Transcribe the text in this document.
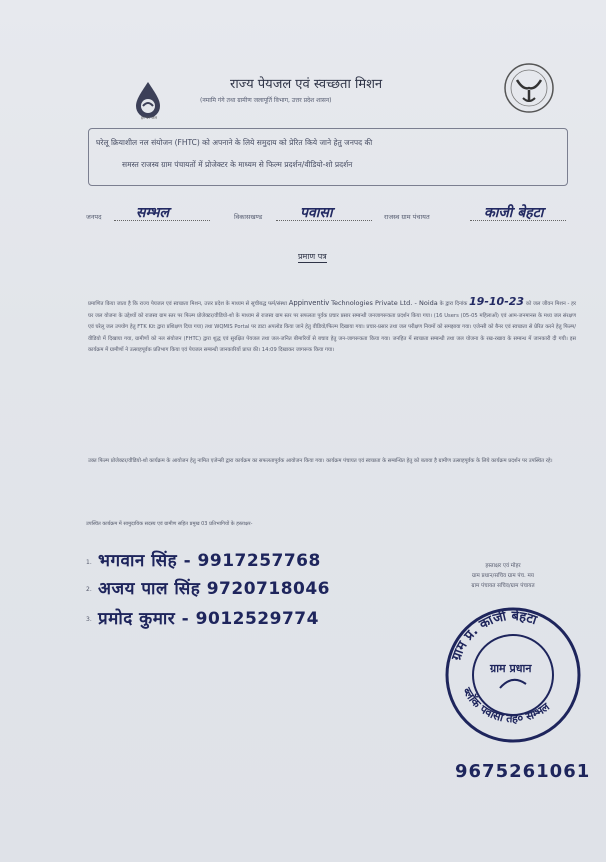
हर घर जल
राज्य पेयजल एवं स्वच्छता मिशन
(नमामि गंगे तथा ग्रामीण जलापूर्ति विभाग, उत्तर प्रदेश शासन)
घरेलू क्रियाशील नल संयोजन (FHTC) को अपनाने के लिये समुदाय को प्रेरित किये जाने हेतु जनपद की
समस्त राजस्व ग्राम पंचायतों में प्रोजेक्टर के माध्यम से फिल्म प्रदर्शन/वीडियो-शो प्रदर्शन
जनपद सम्भल	विकासखण्ड	पवासा	राजस्व ग्राम पंचायत	काजी बेहटा
प्रमाण पत्र
प्रमाणित किया जाता है कि राज्य पेयजल एवं स्वच्छता मिशन, उत्तर प्रदेश के माध्यम से सूचीबद्ध फर्म/संस्था Appinventiv Technologies Private Ltd. - Noida के द्वारा दिनांक 19-10-23 को जल जीवन मिशन - हर घर जल योजना के उद्देश्यों को राजस्व ग्राम स्तर पर फिल्म प्रोजेक्टर/वीडियो-शो के माध्यम से राजस्व ग्राम स्तर पर सफलता पूर्वक प्रचार प्रसार सम्बन्धी जनजागरूकता प्रदर्शन किया गया। (16 Users (05-05 महिलाओं) एवं आम-जनमानस के मध्य जल संरक्षण एवं घरेलू जल उपयोग हेतु FTK Kit द्वारा प्रशिक्षण दिया गया) तथा WQMIS Portal पर डाटा अपलोड किया जाने हेतु वीडियो/फिल्म दिखाया गया। प्रचार-प्रसार तथा जल परीक्षण नियमों को समझाया गया। एजेन्सी को बैनर एवं स्वच्छता से प्रेरित करने हेतु फिल्म/वीडियो में दिखाया गया, ग्रामीणों को नल संयोजन (FHTC) द्वारा शुद्ध एवं सुरक्षित पेयजल तथा जल-जनित बीमारियों से बचाव हेतु जन-जागरूकता किया गया। जनहित में स्वच्छता सम्बन्धी तथा जल योजना के रख-रखाव के सम्बन्ध में जानकारी दी गयी। इस कार्यक्रम में ग्रामीणों ने उत्साहपूर्वक प्रतिभाग किया एवं पेयजल सम्बन्धी जानकारियों प्राप्त की। 14:09 दिखाकर जागरूक किया गया।
उक्त फिल्म प्रोजेक्टर/वीडियो-शो कार्यक्रम के आयोजन हेतु नामित एजेन्सी द्वारा कार्यक्रम का सफलतापूर्वक आयोजन किया गया। कार्यक्रम पंचायत एवं स्वच्छता के सम्बन्धित हेतु को बताया है ग्रामीण उत्साहपूर्वक के लिये कार्यक्रम प्रदर्शन पर उपस्थित रहे।
उपस्थित कार्यक्रम में सामुदायिक सदस्य एवं ग्रामीण सहित प्रमुख 03 प्रतिभागियों के हस्ताक्षर-
1. भगवान सिंह - 9917257768
2. अजय पाल सिंह 9720718046
3. प्रमोद कुमार - 9012529774
हस्ताक्षर एवं मोहर
ग्राम प्रधान/सचिव ग्राम पंच. मय
ग्राम पंचायत सचिव/ग्राम पंचायत
ग्राम प्र. काजी बेहटा
ग्राम प्रधान
ब्लॉक पवासा तह० सम्भल
9675261061
